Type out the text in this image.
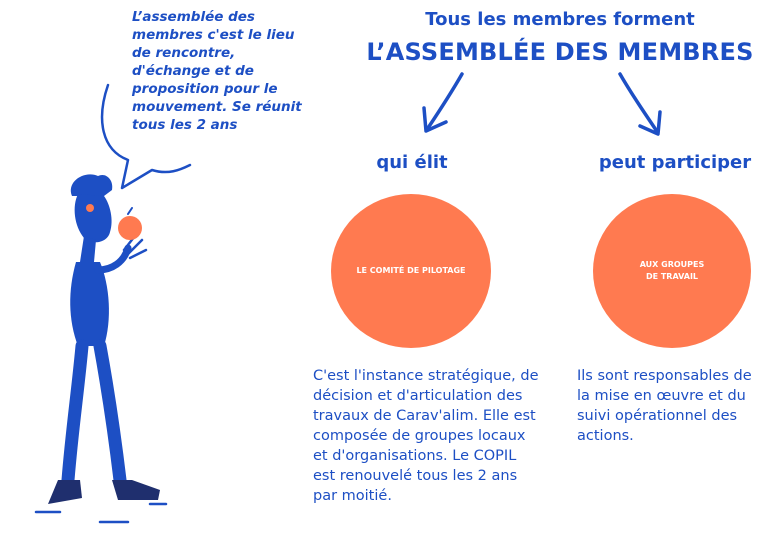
L’assemblée des
membres c'est le lieu
de rencontre,
d'échange et de
proposition pour le
mouvement. Se réunit
tous les 2 ans
Tous les membres forment
L’ASSEMBLÉE DES MEMBRES
qui élit
LE COMITÉ DE PILOTAGE
C'est l'instance stratégique, de
décision et d'articulation des
travaux de Carav'alim. Elle est
composée de groupes locaux
et d'organisations. Le COPIL
est renouvelé tous les 2 ans
par moitié.
peut participer
AUX GROUPES
DE TRAVAIL
Ils sont responsables de
la mise en œuvre et du
suivi opérationnel des
actions.
